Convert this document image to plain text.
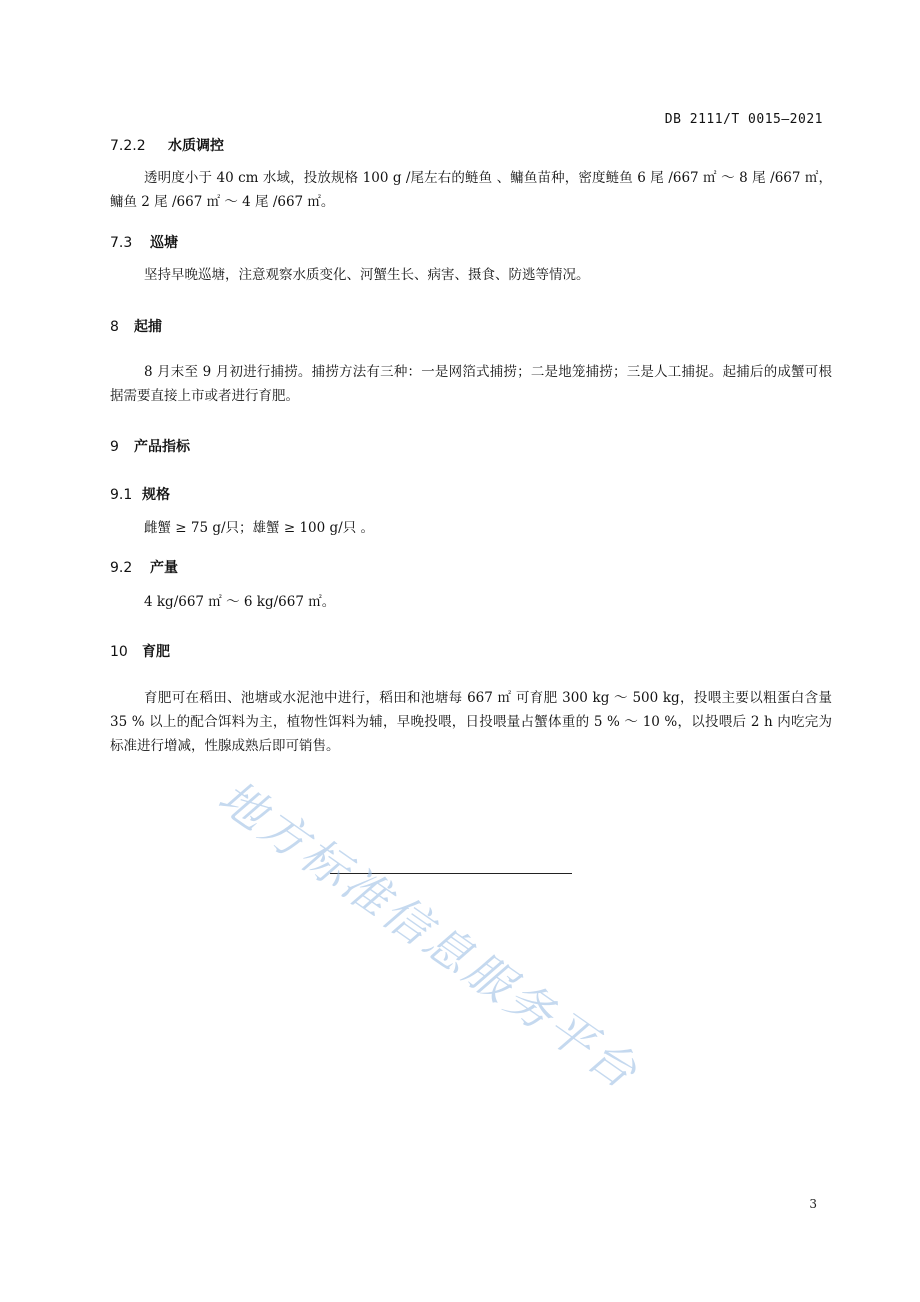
DB 2111/T 0015—2021
7.2.2 水质调控
透明度小于 40 cm 水域，投放规格 100 g /尾左右的鲢鱼 、鳙鱼苗种，密度鲢鱼 6 尾 /667 ㎡ ～ 8 尾 /667 ㎡，鳙鱼 2 尾 /667 ㎡ ～ 4 尾 /667 ㎡。
7.3 巡塘
坚持早晚巡塘，注意观察水质变化、河蟹生长、病害、摄食、防逃等情况。
8 起捕
8 月末至 9 月初进行捕捞。捕捞方法有三种：一是网箔式捕捞；二是地笼捕捞；三是人工捕捉。起捕后的成蟹可根据需要直接上市或者进行育肥。
9 产品指标
9.1 规格
雌蟹 ≥ 75 g/只；雄蟹 ≥ 100 g/只 。
9.2 产量
4 kg/667 ㎡ ～ 6 kg/667 ㎡。
10 育肥
育肥可在稻田、池塘或水泥池中进行，稻田和池塘每 667 ㎡ 可育肥 300 kg ～ 500 kg，投喂主要以粗蛋白含量 35 % 以上的配合饵料为主，植物性饵料为辅，早晚投喂，日投喂量占蟹体重的 5 % ～ 10 %，以投喂后 2 h 内吃完为标准进行增减，性腺成熟后即可销售。
地方标准信息服务平台
3
